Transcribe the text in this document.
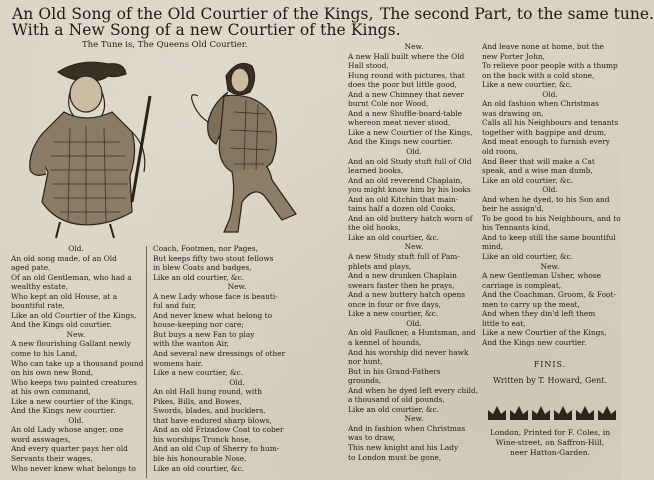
An Old Song of the Old Courtier of the Kings,
With a New Song of a new Courtier of the Kings.
The second Part, to the same tune.
The Tune is, The Queens Old Courtier.
Old.
An old song made, of an Old
aged pate,
Of an old Gentleman, who had a
wealthy estate,
Who kept an old House, at a
bountiful rate,
Like an old Courtier of the Kings,
And the Kings old courtier.
New.
A new flourishing Gallant newly
come to his Land,
Who can take up a thousand pound
on his own new Bond,
Who keeps two painted creatures
at his own command,
Like a new courtier of the Kings,
And the Kings new courtier.
Old.
An old Lady whose anger, one
word asswages,
And every quarter pays her old
Servants their wages,
Who never knew what belongs to
Coach, Footmen, nor Pages,
But keeps fifty two stout fellows
in blew Coats and badges,
Like an old courtier, &c.
New.
A new Lady whose face is beauti-
ful and fair,
And never knew what belong to
house-keeping nor care;
But buys a new Fan to play
with the wanton Air,
And several new dressings of other
womens hair.
Like a new courtier, &c.
Old.
An old Hall hung round, with
Pikes, Bills, and Bowes,
Swords, blades, and bucklers,
that have endured sharp blows,
And an old Frizadow Coat to cober
his worships Trunck hose,
And an old Cup of Sherry to hum-
ble his honourable Nose,
Like an old courtier, &c.
New.
A new Hall built where the Old
Hall stood,
Hung round with pictures, that
does the poor but little good,
And a new Chimney that never
burnt Cole nor Wood,
And a new Shuffle-board-table
whereon meat never stood,
Like a new Courtier of the Kings,
And the Kings new courtier.
Old.
And an old Study stuft full of Old
learned books,
And an old reverend Chaplain,
you might know him by his looks
And an old Kitchin that main-
tains half a dozen old Cooks,
And an old buttery hatch worn of
the old hooks,
Like an old courtier, &c.
New.
A new Study stuft full of Pam-
phlets and plays,
And a new drunken Chaplain
swears faster then he prays,
And a new buttery hatch opens
once in four or five days,
Like a new courtier, &c.
Old.
An old Faulkner, a Huntsman, and
a kennel of hounds,
And his worship did never hawk
nor hunt,
But in his Grand-Fathers
grounds,
And when he dyed left every child,
a thousand of old pounds,
Like an old courtier, &c.
New.
And in fashion when Christmas
was to draw,
This new knight and his Lady
to London must be gone,
And leave none at home, but the
new Porter John,
To relieve poor people with a thump
on the back with a cold stone,
Like a new courtier, &c.
Old.
An old fashion when Christmas
was drawing on,
Calls all his Neighbours and tenants
together with bagpipe and drum,
And meat enough to furnish every
old room,
And Beer that will make a Cat
speak, and a wise man dumb,
Like an old courtier, &c.
Old.
And when he dyed, to his Son and
heir he assign'd,
To be good to his Neighbours, and to
his Tennants kind,
And to keep still the same bountiful
mind,
Like an old courtier, &c.
New.
A new Gentleman Usher, whose
carriage is compleat,
And the Coachman, Groom, & Foot-
men to carry up the meat,
And when they din'd left them
little to eat,
Like a new Courtier of the Kings,
And the Kings new courtier.
FINIS.
Written by T. Howard, Gent.
London, Printed for F. Coles, in
Wine-street, on Saffron-Hill,
neer Hatton-Garden.
